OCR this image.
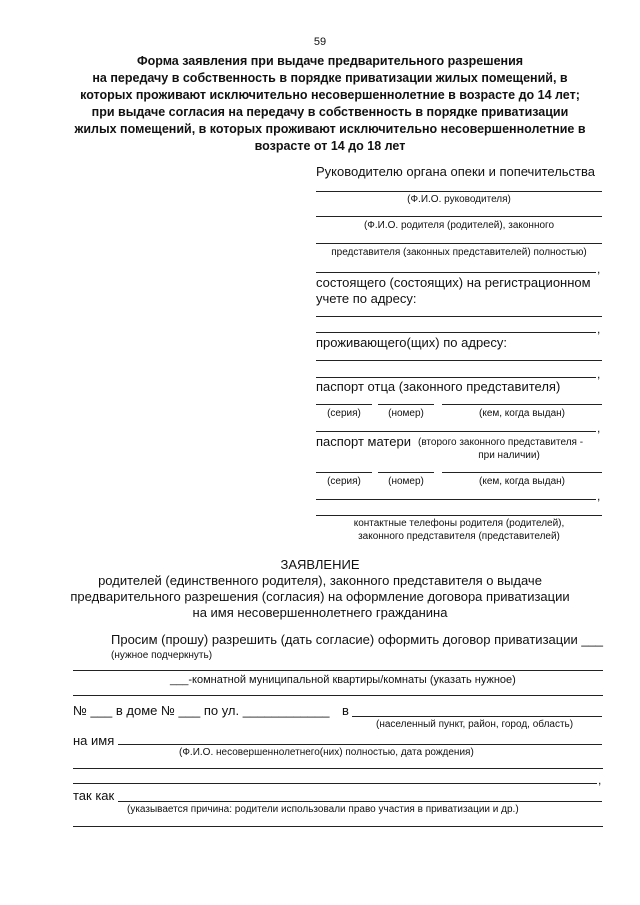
59
Форма заявления при выдаче предварительного разрешения
на передачу в собственность в порядке приватизации жилых помещений, в
которых проживают исключительно несовершеннолетние в возрасте до 14 лет;
при выдаче согласия на передачу в собственность в порядке приватизации
жилых помещений, в которых проживают исключительно несовершеннолетние в
возрасте от 14 до 18 лет
Руководителю органа опеки и попечительства
(Ф.И.О. руководителя)
(Ф.И.О. родителя (родителей), законного
представителя (законных представителей) полностью)
,
состоящего (состоящих) на регистрационном
учете по адресу:
,
проживающего(щих) по адресу:
,
паспорт отца (законного представителя)
(серия)	(номер)	(кем, когда выдан)
,
паспорт матери (второго законного представителя -
при наличии)
(серия)	(номер)	(кем, когда выдан)
,
контактные телефоны родителя (родителей),
законного представителя (представителей)
ЗАЯВЛЕНИЕ
родителей (единственного родителя), законного представителя о выдаче
предварительного разрешения (согласия) на оформление договора приватизации
на имя несовершеннолетнего гражданина
Просим (прошу) разрешить (дать согласие) оформить договор приватизации ___
(нужное подчеркнуть)
___-комнатной муниципальной квартиры/комнаты (указать нужное)
№ ___ в доме № ___ по ул. ____________ в
(населенный пункт, район, город, область)
на имя
(Ф.И.О. несовершеннолетнего(них) полностью, дата рождения)
,
так как
(указывается причина: родители использовали право участия в приватизации и др.)
